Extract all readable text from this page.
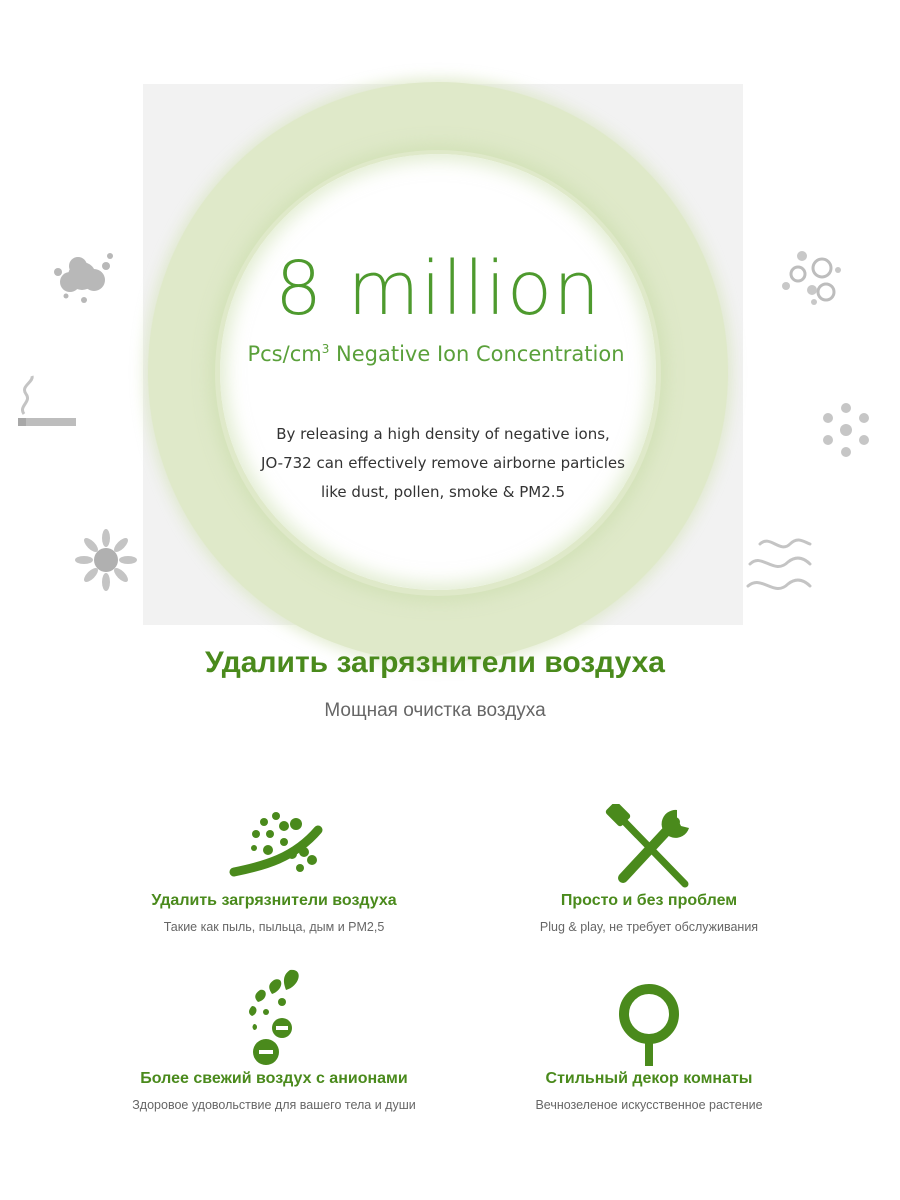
8 million
Pcs/$cm^3$ Negative Ion Concentration
By releasing a high density of negative ions,
JO-732 can effectively remove airborne particles
like dust, pollen, smoke & PM2.5
Удалить загрязнители воздуха
Мощная очистка воздуха
Удалить загрязнители воздуха
Такие как пыль, пыльца, дым и PM2,5
Просто и без проблем
Plug & play, не требует обслуживания
Более свежий воздух с анионами
Здоровое удовольствие для вашего тела и души
Стильный декор комнаты
Вечнозеленое искусственное растение
